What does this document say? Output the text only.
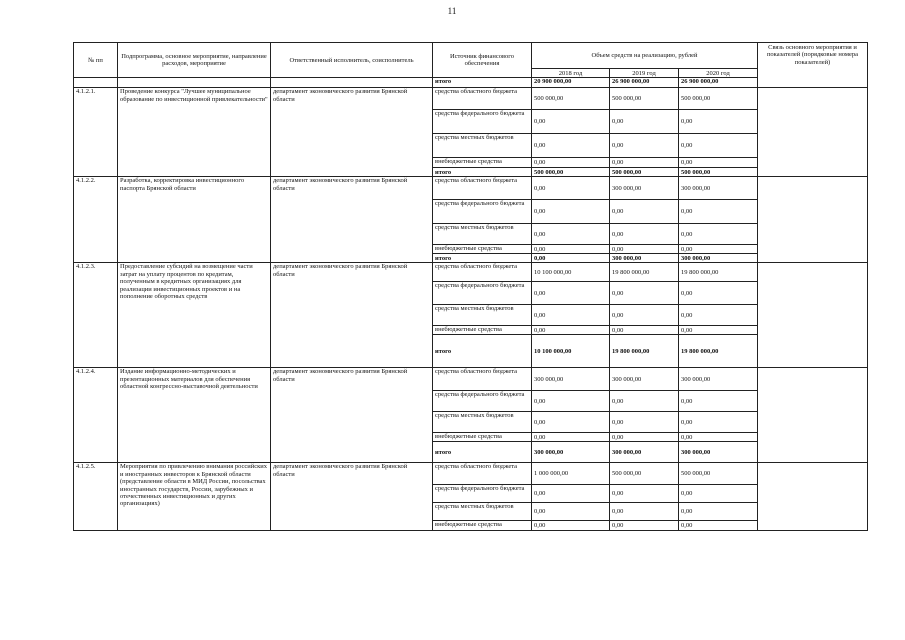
11
№ пп	Подпрограмма, основное мероприятие, направление расходов, мероприятие	Ответственный исполнитель, соисполнитель	Источник финансового обеспечения	Объем средств на реализацию, рублей			Связь основного мероприятия и показателей (порядковые номера показателей)
				2018 год	2019 год	2020 год	
			итого	20 900 000,00	26 900 000,00	26 900 000,00	
4.1.2.1.	Проведение конкурса "Лучшее муниципальное образование по инвестиционной привлекательности"	департамент экономического развития Брянской области	средства областного бюджета	500 000,00	500 000,00	500 000,00	
			средства федерального бюджета	0,00	0,00	0,00	
			средства местных бюджетов	0,00	0,00	0,00	
			внебюджетные средства	0,00	0,00	0,00	
			итого	500 000,00	500 000,00	500 000,00	
4.1.2.2.	Разработка, корректировка инвестиционного паспорта Брянской области	департамент экономического развития Брянской области	средства областного бюджета	0,00	300 000,00	300 000,00	
			средства федерального бюджета	0,00	0,00	0,00	
			средства местных бюджетов	0,00	0,00	0,00	
			внебюджетные средства	0,00	0,00	0,00	
			итого	0,00	300 000,00	300 000,00	
4.1.2.3.	Предоставление субсидий на возмещение части затрат на уплату процентов по кредитам, полученным в кредитных организациях для реализации инвестиционных проектов и на пополнение оборотных средств	департамент экономического развития Брянской области	средства областного бюджета	10 100 000,00	19 800 000,00	19 800 000,00	
			средства федерального бюджета	0,00	0,00	0,00	
			средства местных бюджетов	0,00	0,00	0,00	
			внебюджетные средства	0,00	0,00	0,00	
			итого	10 100 000,00	19 800 000,00	19 800 000,00	
4.1.2.4.	Издание информационно-методических и презентационных материалов для обеспечения областной конгрессно-выставочной деятельности	департамент экономического развития Брянской области	средства областного бюджета	300 000,00	300 000,00	300 000,00	
			средства федерального бюджета	0,00	0,00	0,00	
			средства местных бюджетов	0,00	0,00	0,00	
			внебюджетные средства	0,00	0,00	0,00	
			итого	300 000,00	300 000,00	300 000,00	
4.1.2.5.	Мероприятия по привлечению внимания российских и иностранных инвесторов к Брянской области (представление области в МИД России, посольствах иностранных государств, России, зарубежных и отечественных инвестиционных и других организациях)	департамент экономического развития Брянской области	средства областного бюджета	1 000 000,00	500 000,00	500 000,00	
			средства федерального бюджета	0,00	0,00	0,00	
			средства местных бюджетов	0,00	0,00	0,00	
			внебюджетные средства	0,00	0,00	0,00	
